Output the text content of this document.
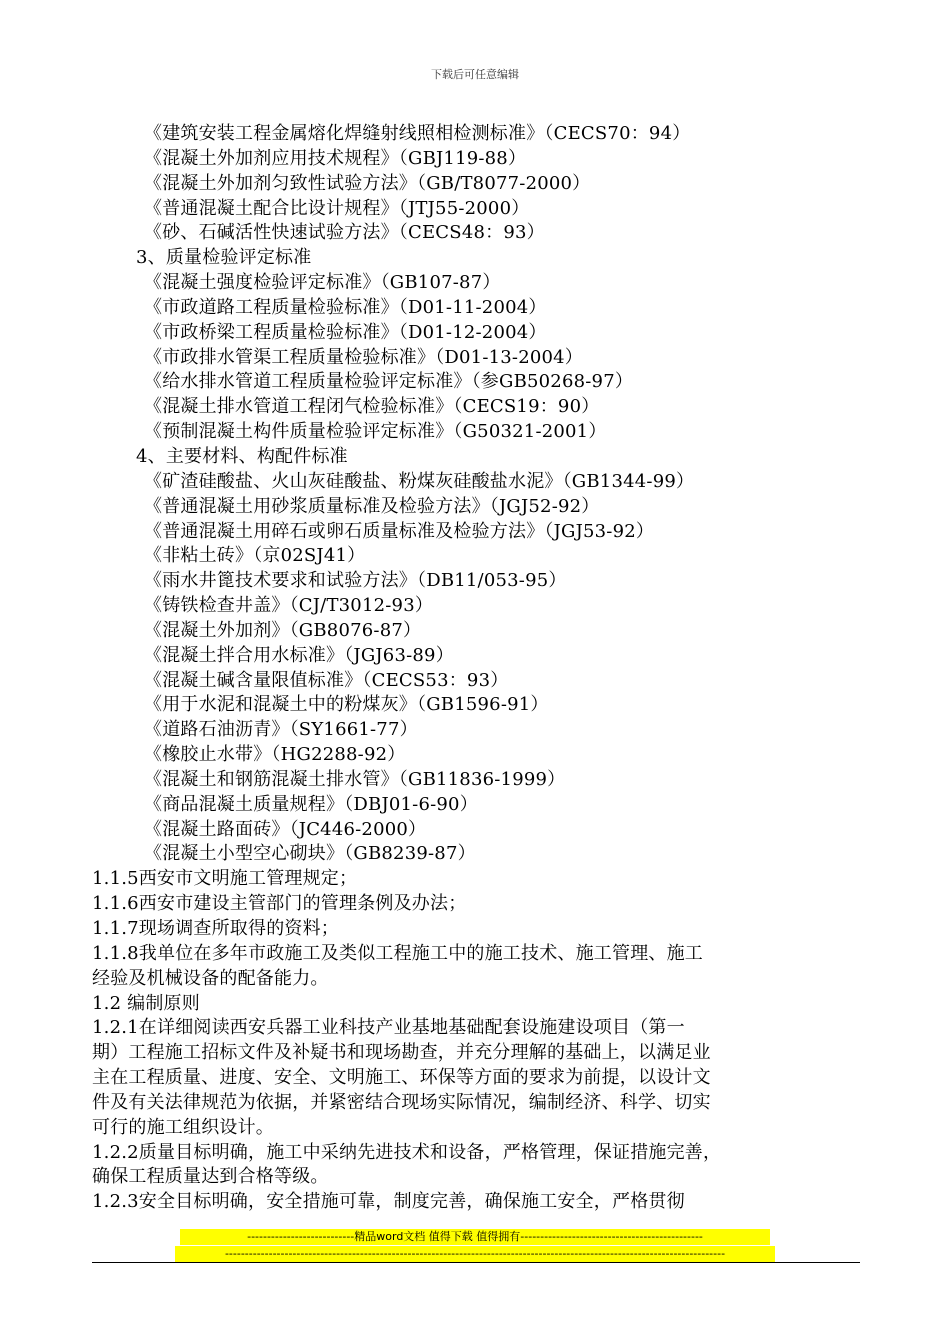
下载后可任意编辑
《建筑安装工程金属熔化焊缝射线照相检测标准》（CECS70：94）
《混凝土外加剂应用技术规程》（GBJ119-88）
《混凝土外加剂匀致性试验方法》（GB/T8077-2000）
《普通混凝土配合比设计规程》（JTJ55-2000）
《砂、石碱活性快速试验方法》（CECS48：93）
3、质量检验评定标准
《混凝土强度检验评定标准》（GB107-87）
《市政道路工程质量检验标准》（D01-11-2004）
《市政桥梁工程质量检验标准》（D01-12-2004）
《市政排水管渠工程质量检验标准》（D01-13-2004）
《给水排水管道工程质量检验评定标准》（参GB50268-97）
《混凝土排水管道工程闭气检验标准》（CECS19：90）
《预制混凝土构件质量检验评定标准》（G50321-2001）
4、主要材料、构配件标准
《矿渣硅酸盐、火山灰硅酸盐、粉煤灰硅酸盐水泥》（GB1344-99）
《普通混凝土用砂浆质量标准及检验方法》（JGJ52-92）
《普通混凝土用碎石或卵石质量标准及检验方法》（JGJ53-92）
《非粘土砖》（京02SJ41）
《雨水井篦技术要求和试验方法》（DB11/053-95）
《铸铁检查井盖》（CJ/T3012-93）
《混凝土外加剂》（GB8076-87）
《混凝土拌合用水标准》（JGJ63-89）
《混凝土碱含量限值标准》（CECS53：93）
《用于水泥和混凝土中的粉煤灰》（GB1596-91）
《道路石油沥青》（SY1661-77）
《橡胶止水带》（HG2288-92）
《混凝土和钢筋混凝土排水管》（GB11836-1999）
《商品混凝土质量规程》（DBJ01-6-90）
《混凝土路面砖》（JC446-2000）
《混凝土小型空心砌块》（GB8239-87）
1.1.5西安市文明施工管理规定；
1.1.6西安市建设主管部门的管理条例及办法；
1.1.7现场调查所取得的资料；
1.1.8我单位在多年市政施工及类似工程施工中的施工技术、施工管理、施工
经验及机械设备的配备能力。
1.2 编制原则
1.2.1在详细阅读西安兵器工业科技产业基地基础配套设施建设项目（第一
期）工程施工招标文件及补疑书和现场勘查，并充分理解的基础上，以满足业
主在工程质量、进度、安全、文明施工、环保等方面的要求为前提，以设计文
件及有关法律规范为依据，并紧密结合现场实际情况，编制经济、科学、切实
可行的施工组织设计。
1.2.2质量目标明确，施工中采纳先进技术和设备，严格管理，保证措施完善，
确保工程质量达到合格等级。
1.2.3安全目标明确，安全措施可靠，制度完善，确保施工安全，严格贯彻
---------------------------精品word文档 值得下载 值得拥有----------------------------------------------
------------------------------------------------------------------------------------------------------------------------------
